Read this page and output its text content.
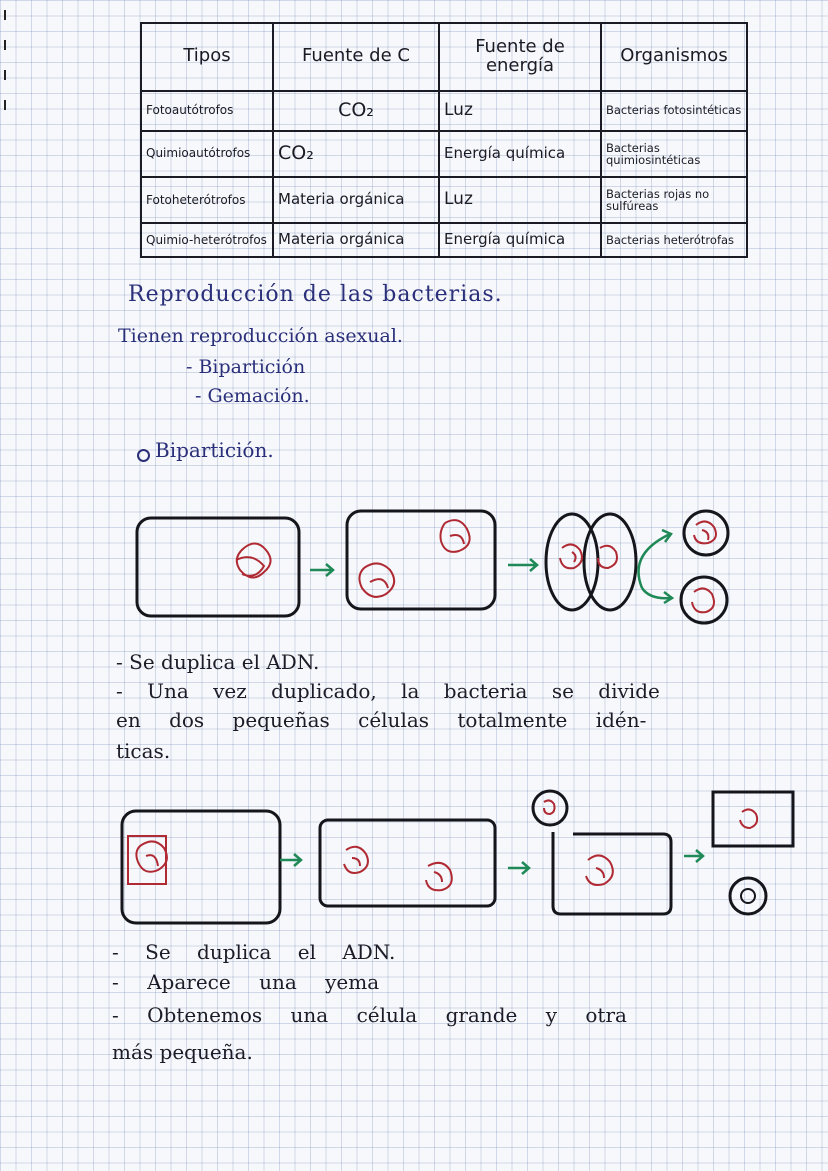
Tipos	Fuente de C	Fuente de energía	Organismos
Fotoautótrofos	CO₂	Luz	Bacterias fotosintéticas
Quimioautótrofos	CO₂	Energía química	Bacterias quimiosintéticas
Fotoheterótrofos	Materia orgánica	Luz	Bacterias rojas no sulfúreas
Quimio-heterótrofos	Materia orgánica	Energía química	Bacterias heterótrofas
Reproducción de las bacterias.
Tienen reproducción asexual.
- Bipartición
- Gemación.
Bipartición.
- Se duplica el ADN.
- Una vez duplicado, la bacteria se divide
en dos pequeñas células totalmente idén-
ticas.
- Se duplica el ADN.
- Aparece una yema
- Obtenemos una célula grande y otra
más pequeña.
